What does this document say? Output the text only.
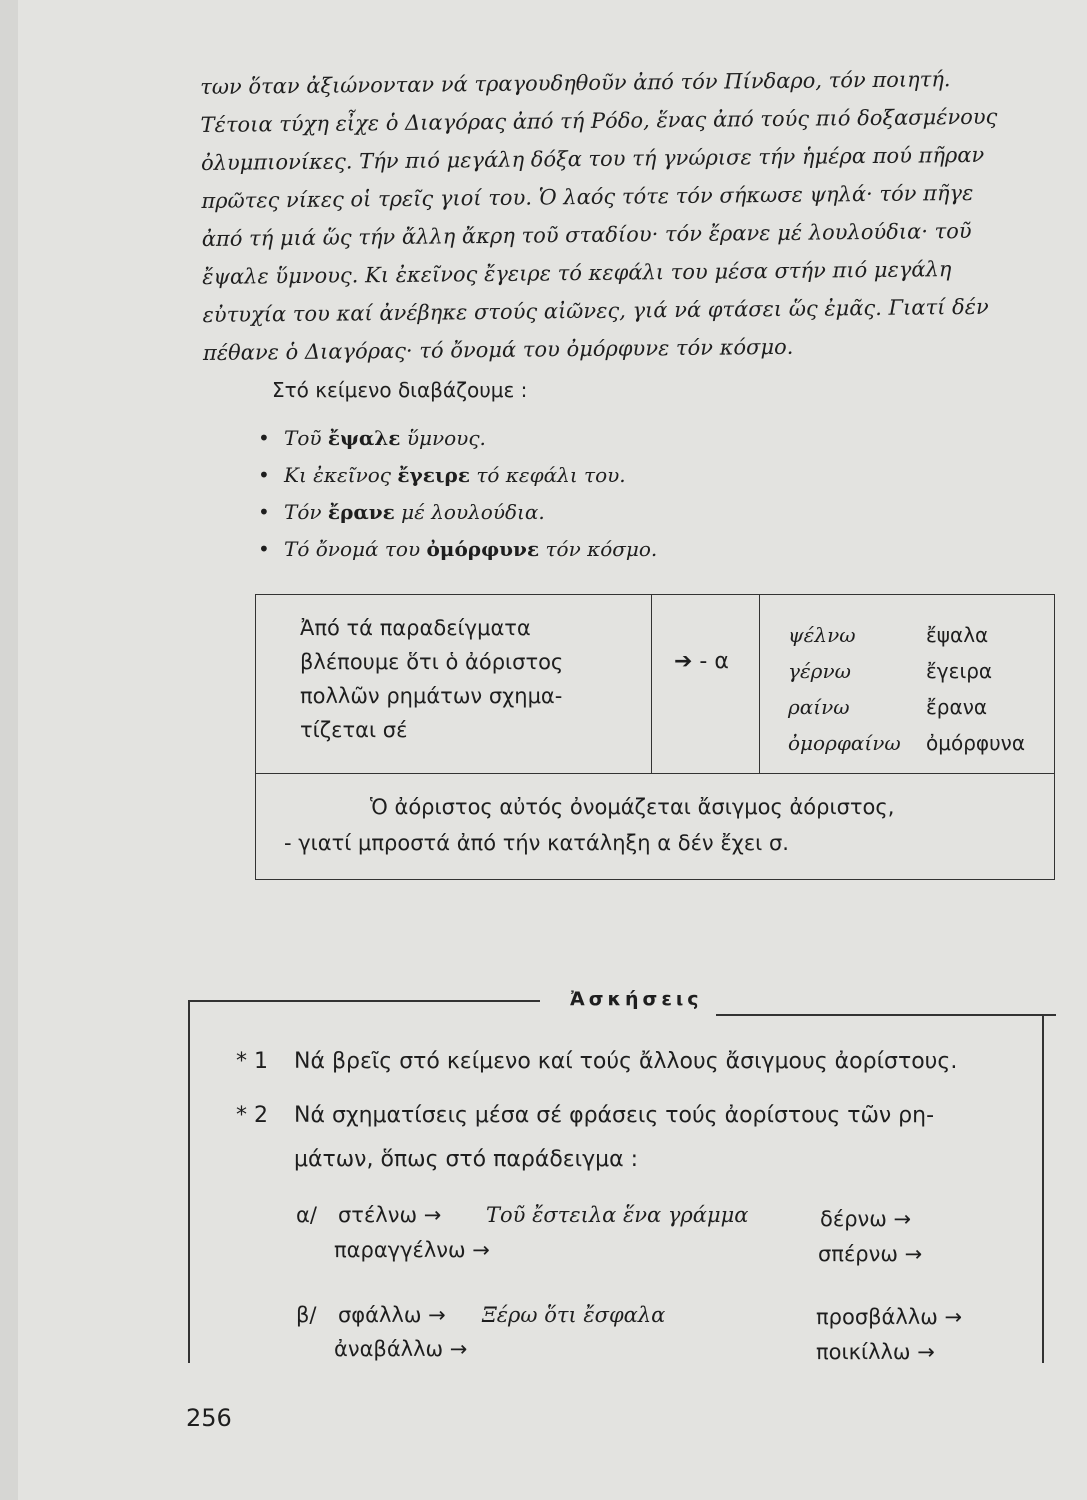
των ὅταν ἀξιώνονταν νά τραγουδηθοῦν ἀπό τόν Πίνδαρο, τόν ποιητή.
Τέτοια τύχη εἶχε ὁ Διαγόρας ἀπό τή Ρόδο, ἕνας ἀπό τούς πιό δοξασμένους
ὀλυμπιονίκες. Τήν πιό μεγάλη δόξα του τή γνώρισε τήν ἡμέρα πού πῆραν
πρῶτες νίκες οἱ τρεῖς γιοί του. Ὁ λαός τότε τόν σήκωσε ψηλά· τόν πῆγε
ἀπό τή μιά ὥς τήν ἄλλη ἄκρη τοῦ σταδίου· τόν ἔρανε μέ λουλούδια· τοῦ
ἔψαλε ὕμνους. Κι ἐκεῖνος ἔγειρε τό κεφάλι του μέσα στήν πιό μεγάλη
εὐτυχία του καί ἀνέβηκε στούς αἰῶνες, γιά νά φτάσει ὥς ἐμᾶς. Γιατί δέν
πέθανε ὁ Διαγόρας· τό ὄνομά του ὀμόρφυνε τόν κόσμο.
Στό κείμενο διαβάζουμε :
• Τοῦ ἔψαλε ὕμνους.
• Κι ἐκεῖνος ἔγειρε τό κεφάλι του.
• Τόν ἔρανε μέ λουλούδια.
• Τό ὄνομά του ὀμόρφυνε τόν κόσμο.
Ἀπό τά παραδείγματα
βλέπουμε ὅτι ὁ ἀόριστος
πολλῶν ρημάτων σχημα-
τίζεται σέ
➔ - α
ψέλνω
γέρνω
ραίνω
ὀμορφαίνω
ἔψαλα
ἔγειρα
ἔρανα
ὀμόρφυνα
Ὁ ἀόριστος αὐτός ὀνομάζεται ἄσιγμος ἀόριστος,
- γιατί μπροστά ἀπό τήν κατάληξη α δέν ἔχει σ.
Ἀσκήσεις
* 1 Νά βρεῖς στό κείμενο καί τούς ἄλλους ἄσιγμους ἀορίστους.
* 2 Νά σχηματίσεις μέσα σέ φράσεις τούς ἀορίστους τῶν ρη-
μάτων, ὅπως στό παράδειγμα :
α/ στέλνω → Τοῦ ἔστειλα ἕνα γράμμα
παραγγέλνω →
δέρνω →
σπέρνω →
β/ σφάλλω → Ξέρω ὅτι ἔσφαλα
ἀναβάλλω →
προσβάλλω →
ποικίλλω →
256
